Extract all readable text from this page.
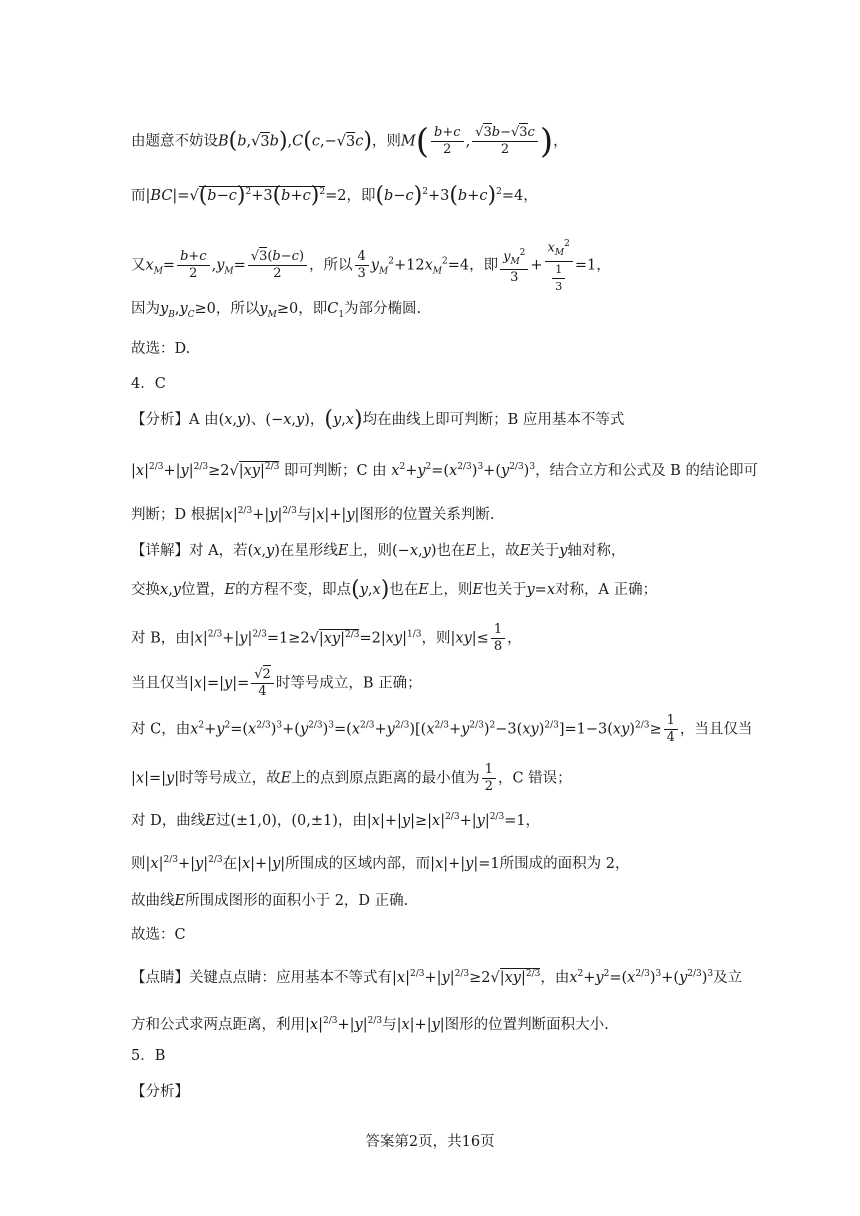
由题意不妨设B(b,√3b),C(c,−√3c)，则$M( \frac{b+c}{2}$ , $\frac{√3b-√3c}{2}$ )，
而$|BC|=√(b-c)^2+3(b+c)^2=2$，即$(b-c)^2+3(b+c)^2=4$，
又$x_M= \frac{b+c}{2} ,y_M= \frac{√3(b-c)}{2}$ ，所以 $\frac{4}{3} y_M^2+12x_M^2=4$，即 $\frac{y_M^2}{3} + \frac{x_M^2}{\frac{1}{3}} =1$，
因为$y_B,y_C\ge 0$，所以$y_M\ge 0$，即$C_1$为部分椭圆.
故选：D.
4．C
【分析】A 由(x,y)、(−x,y)，(y,x)均在曲线上即可判断；B 应用基本不等式
$|x|^{2/3}+|y|^{2/3}\ge 2√|xy|^{2/3}$ 即可判断；C 由 $x^2+y^2=(x^{2/3})^3+(y^{2/3})^3$，结合立方和公式及 B 的结论即可
判断；D 根据$|x|^{2/3}+|y|^{2/3}$与|x|+|y|图形的位置关系判断.
【详解】对 A，若(x,y)在星形线E上，则(−x,y)也在E上，故E关于y轴对称，
交换x,y位置，E的方程不变，即点(y,x)也在E上，则E也关于y=x对称，A 正确；
对 B，由$|x|^{2/3}+|y|^{2/3}=1\ge 2√|xy|^{2/3}=2|xy|^{1/3}$，则$|xy|\le \frac{1}{8}$ ，
当且仅当$|x|=|y|= \frac{√2}{4}$ 时等号成立，B 正确；
对 C，由$x^2+y^2=(x^{2/3})^3+(y^{2/3})^3=(x^{2/3}+y^{2/3})[(x^{2/3}+y^{2/3})^2-3(xy)^{2/3}]=1-3(xy)^{2/3}\ge \frac{1}{4}$ ，当且仅当
|x|=|y|时等号成立，故E上的点到原点距离的最小值为 $\frac{1}{2}$ ，C 错误；
对 D，曲线E过(±1,0)，(0,±1)，由$|x|+|y|\ge|x|^{2/3}+|y|^{2/3}=1$，
则$|x|^{2/3}+|y|^{2/3}$在|x|+|y|所围成的区域内部，而|x|+|y|=1所围成的面积为 2，
故曲线E所围成图形的面积小于 2，D 正确.
故选：C
【点睛】关键点点睛：应用基本不等式有$|x|^{2/3}+|y|^{2/3}\ge 2√|xy|^{2/3}$，由$x^2+y^2=(x^{2/3})^3+(y^{2/3})^3$及立
方和公式求两点距离，利用$|x|^{2/3}+|y|^{2/3}$与|x|+|y|图形的位置判断面积大小.
5．B
【分析】
答案第2页，共16页
